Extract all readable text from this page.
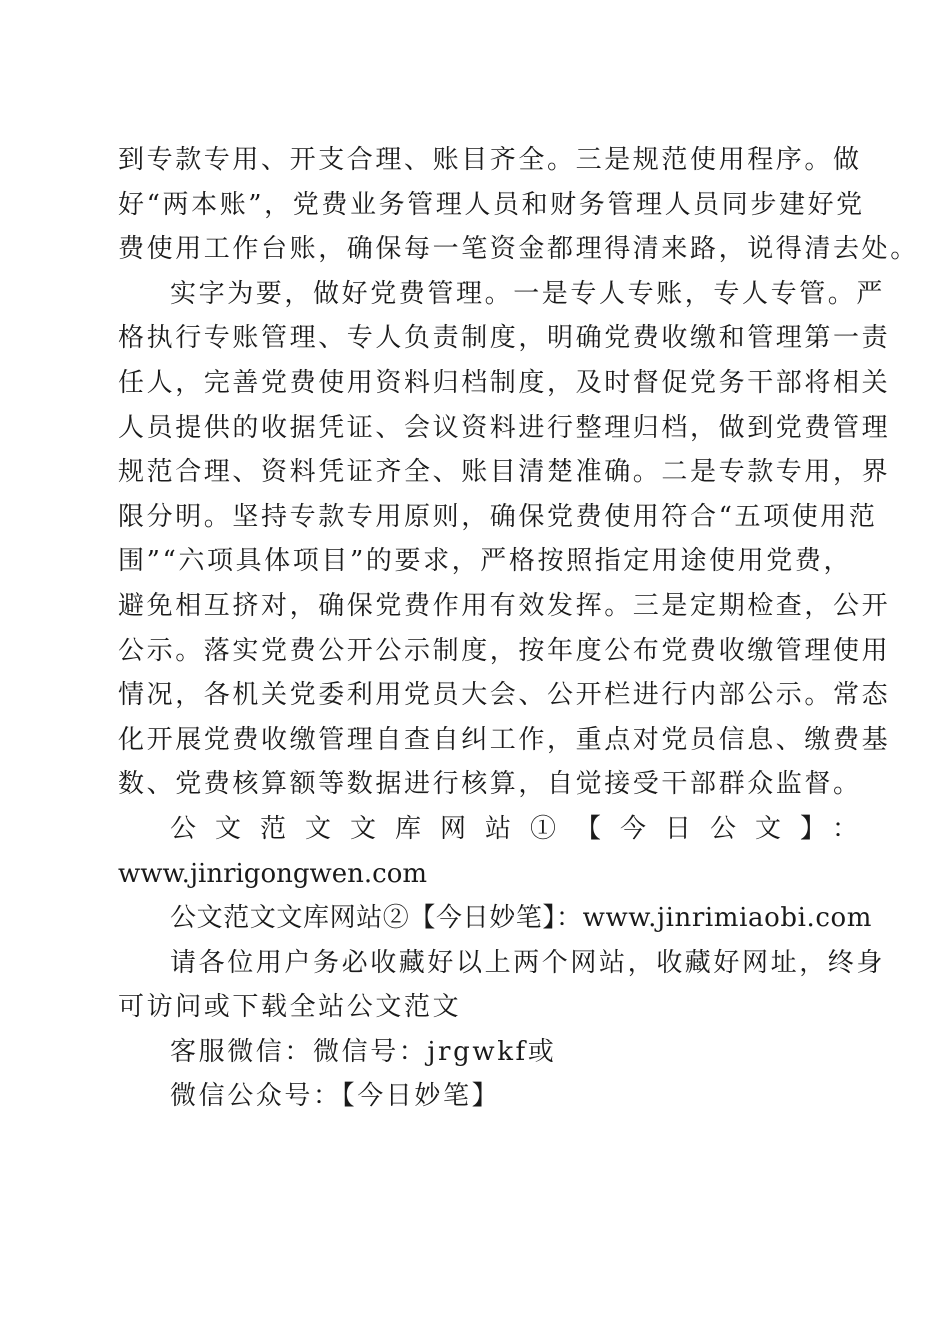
到专款专用、开支合理、账目齐全。三是规范使用程序。做
好“两本账”，党费业务管理人员和财务管理人员同步建好党
费使用工作台账，确保每一笔资金都理得清来路，说得清去处。
实字为要，做好党费管理。一是专人专账，专人专管。严
格执行专账管理、专人负责制度，明确党费收缴和管理第一责
任人，完善党费使用资料归档制度，及时督促党务干部将相关
人员提供的收据凭证、会议资料进行整理归档，做到党费管理
规范合理、资料凭证齐全、账目清楚准确。二是专款专用，界
限分明。坚持专款专用原则，确保党费使用符合“五项使用范
围”“六项具体项目”的要求，严格按照指定用途使用党费，
避免相互挤对，确保党费作用有效发挥。三是定期检查，公开
公示。落实党费公开公示制度，按年度公布党费收缴管理使用
情况，各机关党委利用党员大会、公开栏进行内部公示。常态
化开展党费收缴管理自查自纠工作，重点对党员信息、缴费基
数、党费核算额等数据进行核算，自觉接受干部群众监督。
公文范文文库网站①【今日公文】：
www.jinrigongwen.com
公文范文文库网站②【今日妙笔】：www.jinrimiaobi.com
请各位用户务必收藏好以上两个网站，收藏好网址，终身
可访问或下载全站公文范文
客服微信：微信号：jrgwkf或
微信公众号：【今日妙笔】
